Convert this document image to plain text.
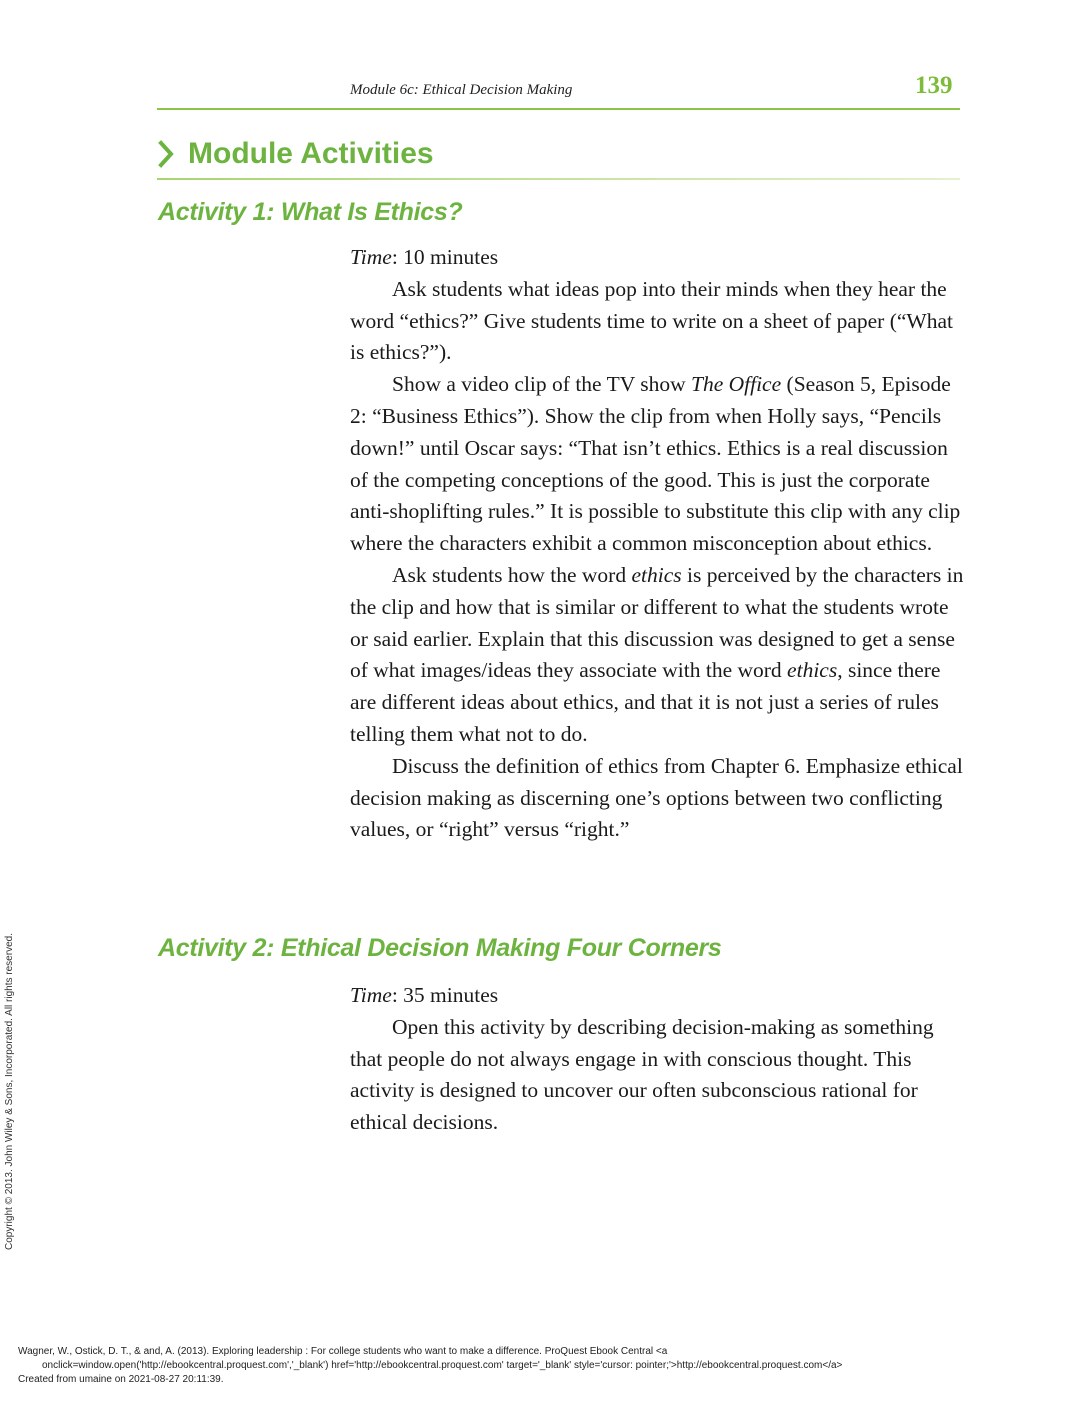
Module 6c: Ethical Decision Making	139
Module Activities
Activity 1: What Is Ethics?

Time: 10 minutes

Ask students what ideas pop into their minds when they hear the word “ethics?” Give students time to write on a sheet of paper (“What is ethics?”).

Show a video clip of the TV show The Office (Season 5, Episode 2: “Business Ethics”). Show the clip from when Holly says, “Pencils down!” until Oscar says: “That isn’t ethics. Ethics is a real discussion of the competing conceptions of the good. This is just the corporate anti-shoplifting rules.” It is possible to substitute this clip with any clip where the characters exhibit a common misconception about ethics.

Ask students how the word ethics is perceived by the characters in the clip and how that is similar or different to what the students wrote or said earlier. Explain that this discussion was designed to get a sense of what images/ideas they associate with the word ethics, since there are different ideas about ethics, and that it is not just a series of rules telling them what not to do.

Discuss the definition of ethics from Chapter 6. Emphasize ethical decision making as discerning one’s options between two conflicting values, or “right” versus “right.”

Activity 2: Ethical Decision Making Four Corners

Time: 35 minutes

Open this activity by describing decision-making as something that people do not always engage in with conscious thought. This activity is designed to uncover our often subconscious rational for ethical decisions.

Copyright © 2013. John Wiley & Sons, Incorporated. All rights reserved.
Wagner, W., Ostick, D. T., & and, A. (2013). Exploring leadership : For college students who want to make a difference. ProQuest Ebook Central <a
onclick=window.open('http://ebookcentral.proquest.com','_blank') href='http://ebookcentral.proquest.com' target='_blank' style='cursor: pointer;'>http://ebookcentral.proquest.com</a>
Created from umaine on 2021-08-27 20:11:39.
